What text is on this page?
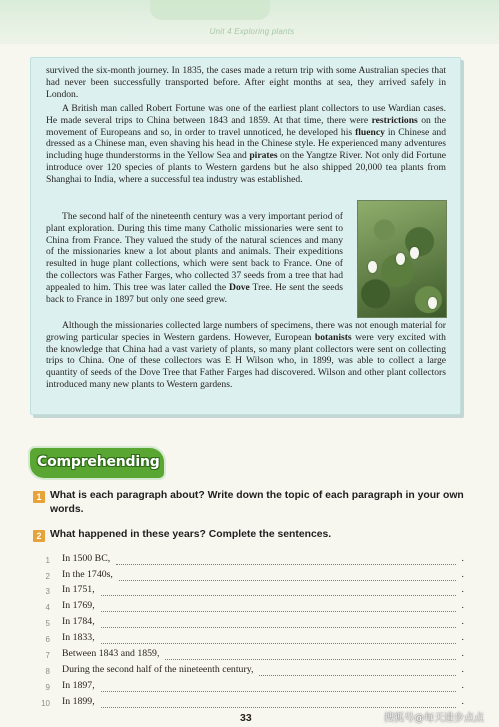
Unit 4 Exploring plants

survived the six-month journey. In 1835, the cases made a return trip with some Australian species that had never been successfully transported before. After eight months at sea, they arrived safely in London.

A British man called Robert Fortune was one of the earliest plant collectors to use Wardian cases. He made several trips to China between 1843 and 1859. At that time, there were restrictions on the movement of Europeans and so, in order to travel unnoticed, he developed his fluency in Chinese and dressed as a Chinese man, even shaving his head in the Chinese style. He experienced many adventures including huge thunderstorms in the Yellow Sea and pirates on the Yangtze River. Not only did Fortune introduce over 120 species of plants to Western gardens but he also shipped 20,000 tea plants from Shanghai to India, where a successful tea industry was established.

The second half of the nineteenth century was a very important period of plant exploration. During this time many Catholic missionaries were sent to China from France. They valued the study of the natural sciences and many of the missionaries knew a lot about plants and animals. Their expeditions resulted in huge plant collections, which were sent back to France. One of the collectors was Father Farges, who collected 37 seeds from a tree that had appealed to him. This tree was later called the Dove Tree. He sent the seeds back to France in 1897 but only one seed grew.

Although the missionaries collected large numbers of specimens, there was not enough material for growing particular species in Western gardens. However, European botanists were very excited with the knowledge that China had a vast variety of plants, so many plant collectors were sent on collecting trips to China. One of these collectors was E H Wilson who, in 1899, was able to collect a large quantity of seeds of the Dove Tree that Father Farges had discovered. Wilson and other plant collectors introduced many new plants to Western gardens.

Comprehending
1 What is each paragraph about? Write down the topic of each paragraph in your own words.
2 What happened in these years? Complete the sentences.
1 In 1500 BC,	.
2 In the 1740s,	.
3 In 1751,	.
4 In 1769,	.
5 In 1784,	.
6 In 1833,	.
7 Between 1843 and 1859,	.
8 During the second half of the nineteenth century,	.
9 In 1897,	.
10 In 1899,	.
33	搜狐号@每天进步点点
